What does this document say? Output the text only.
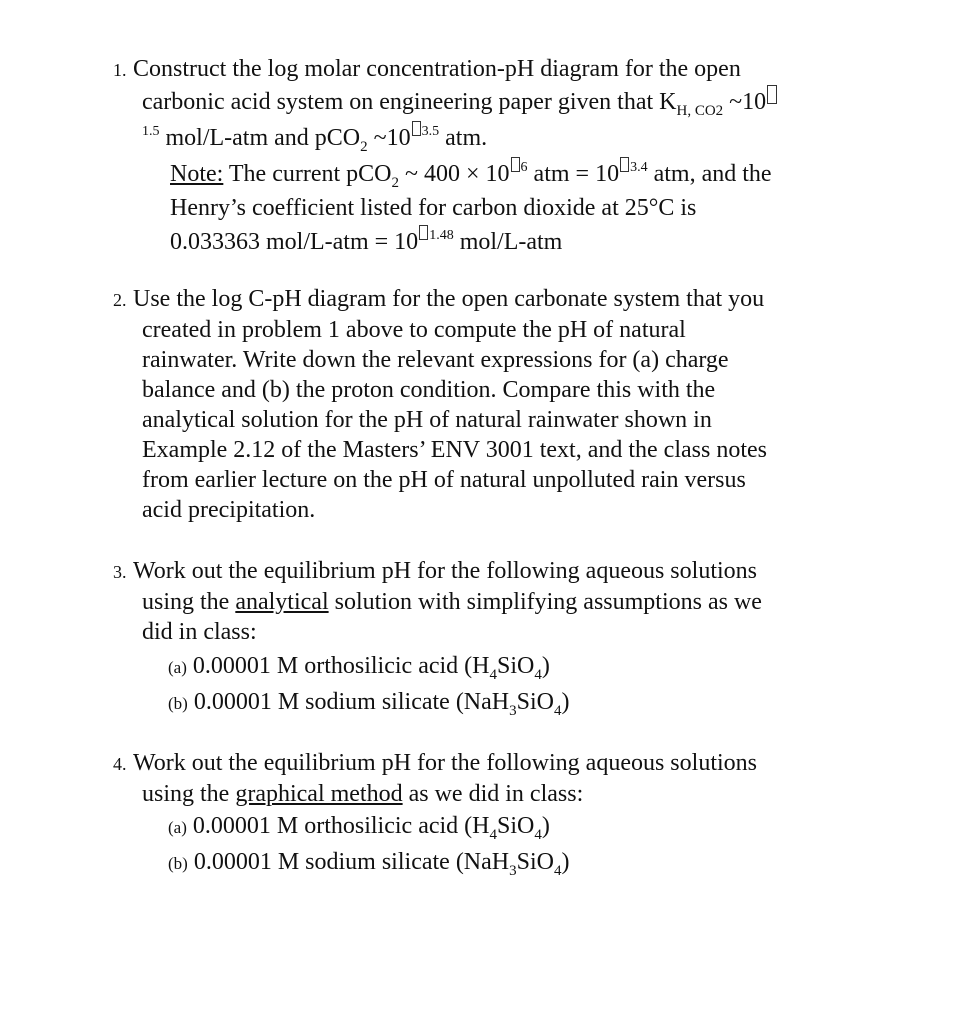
1. Construct the log molar concentration-pH diagram for the open
carbonic acid system on engineering paper given that $K_{H, CO2}$ ~10
$^{1.5}$ mol/L-atm and pCO$_2$ ~10 $^{3.5}$ atm.
Note: The current pCO$_2$ ~ 400 × 10 $^6$ atm = 10 $^{3.4}$ atm, and the
Henry’s coefficient listed for carbon dioxide at 25°C is
0.033363 mol/L-atm = 10 $^{1.48}$ mol/L-atm
2. Use the log C-pH diagram for the open carbonate system that you
created in problem 1 above to compute the pH of natural
rainwater. Write down the relevant expressions for (a) charge
balance and (b) the proton condition. Compare this with the
analytical solution for the pH of natural rainwater shown in
Example 2.12 of the Masters’ ENV 3001 text, and the class notes
from earlier lecture on the pH of natural unpolluted rain versus
acid precipitation.
3. Work out the equilibrium pH for the following aqueous solutions
using the analytical solution with simplifying assumptions as we
did in class:
(a) 0.00001 M orthosilicic acid $(H_4SiO_4)$
(b) 0.00001 M sodium silicate (NaH$_3$SiO$_4$)
4. Work out the equilibrium pH for the following aqueous solutions
using the graphical method as we did in class:
(a) 0.00001 M orthosilicic acid $(H_4SiO_4)$
(b) 0.00001 M sodium silicate (NaH$_3$SiO$_4$)
